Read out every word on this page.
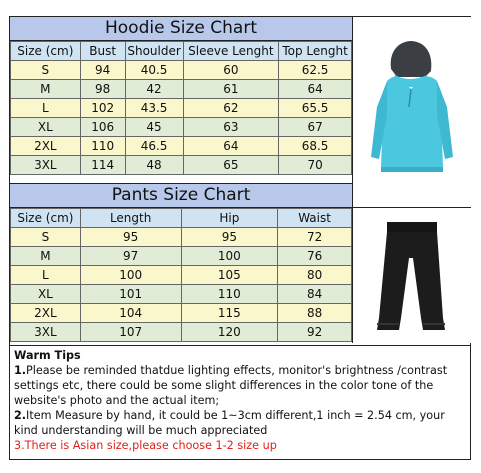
Hoodie Size Chart
Size (cm)	Bust	Shoulder	Sleeve Lenght	Top Lenght
S	94	40.5	60	62.5
M	98	42	61	64
L	102	43.5	62	65.5
XL	106	45	63	67
2XL	110	46.5	64	68.5
3XL	114	48	65	70
Pants Size Chart
Size (cm)	Length	Hip	Waist
S	95	95	72
M	97	100	76
L	100	105	80
XL	101	110	84
2XL	104	115	88
3XL	107	120	92
Warm Tips
1.Please be reminded thatdue lighting effects, monitor's brightness /contrast settings etc, there could be some slight differences in the color tone of the website's photo and the actual item;
2.Item Measure by hand, it could be 1~3cm different,1 inch = 2.54 cm, your kind understanding will be much appreciated
3.There is Asian size,please choose 1-2 size up
